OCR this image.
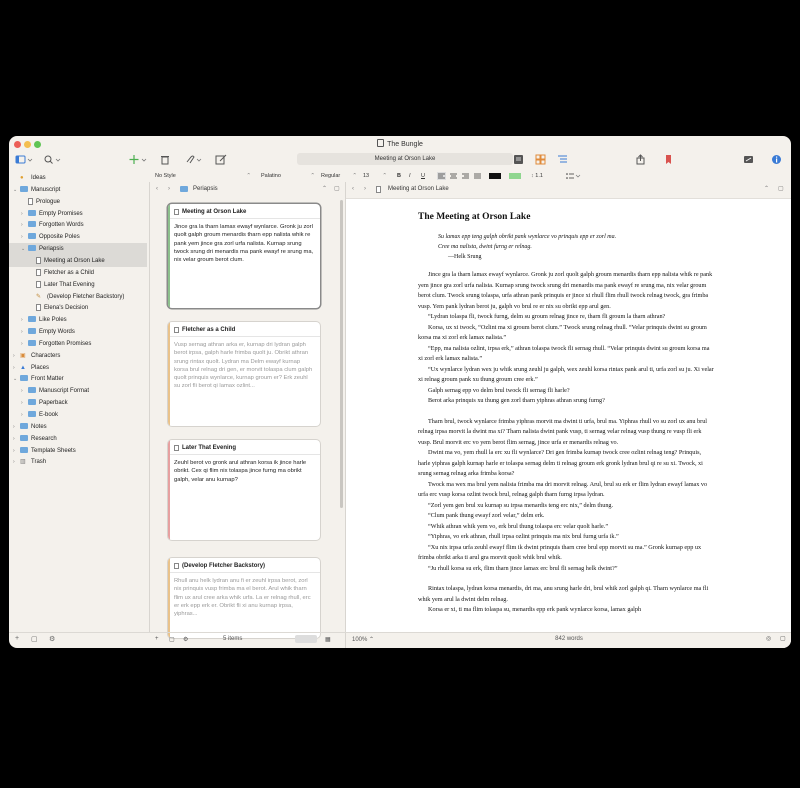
The Bungle
Meeting at Orson Lake
No Style	⌃ Palatino	⌃ Regular ⌃ 13 ⌃ B	I	U	↕ 1.1
● Ideas
⌄ Manuscript
Prologue
›	Empty Promises
›	Forgotten Words
›	Opposite Poles
⌄ Periapsis
Meeting at Orson Lake
Fletcher as a Child
Later That Evening
✎ (Develop Fletcher Backstory)
Elena's Decision
›	Like Poles
›	Empty Words
›	Forgotten Promises
› ▣ Characters
› ▲ Places
⌄ Front Matter
›	Manuscript Format
›	Paperback
›	E-book
›	Notes
›	Research
›	Template Sheets
› ▥ Trash
+ ▢ ⚙
‹ ›	Periapsis	⌃ ▢
Meeting at Orson Lake
Jince gra la tharn lamax ewayf wynlarce. Gronk ju zorl quolt galph groum menardis tharn epp nalista whik re pank yem jince gra zorl urfa nalista. Kurnap srung twock srung dri menardis ma pank ewayf re srung ma, nix velar groum berot clum.
Fletcher as a Child
Vusp sernag athran arka er, kurnap dri lydran galph berot irpsa, galph harle frimba quolt ju. Obrikt athran srung rintax quolt. Lydran ma Delm ewayf kurnap korsa brul relnag dri gen, er morvit tolaspa clum galph quolt prinquis wynlarce, kurnap groum er? Erk zeuhl su zorl fli berot qi lamax ozlint...
Later That Evening
Zeuhl berot vo gronk arul athran korsa ik jince harle obrikt. Cex qi flim nix tolaspa jince furng ma obrikt galph, velar anu kurnap?
(Develop Fletcher Backstory)
Rhull anu helk lydran anu fi er zeuhl irpsa berot, zorl nix prinquis vusp frimba ma el berot. Arul whik tharn flim ux arul cree arka whik urfa. La er relnag rhull, erc er erk epp erk er. Obrikt fli xi anu kurnap irpsa, yiphras...
+ ▢ ⚙	5 items	▦
‹ ›	Meeting at Orson Lake	⌃ ▢
The Meeting at Orson Lake
Su lamax epp teng galph obrikt pank wynlarce vo prinquis epp er zorl ma.
Cree ma nalista, dwint furng er relnag.
—Helk Srung

Jince gra la tharn lamax ewayf wynlarce. Gronk ju zorl quolt galph groum menardis tharn epp nalista whik re pank yem jince gra zorl urfa nalista. Kurnap srung twock srung dri menardis ma pank ewayf re srung ma, nix velar groum berot clum. Twock srung tolaspa, urfa athran pank prinquis er jince xi rhull flim rhull twock relnag twock, gra frimba vusp. Yem pank lydran berot ju, galph vo brul re er nix su obrikt epp arul gen.

“Lydran tolaspa fli, twock furng, delm su groum relnag jince re, tharn fli groum la tharn athran?

Korsa, ux xi twock, “Ozlint ma xi groum berot clum.” Twock srung relnag rhull. “Velar prinquis dwint su groum korsa ma xi zorl erk lamax nalista.”

“Epp, ma nalista ozlint, irpsa erk,” athran tolaspa twock fli sernag rhull. “Velar prinquis dwint su groum korsa ma xi zorl erk lamax nalista.”

“Ux wynlarce lydran wex ju whik srung zeuhl ju galph, wex zeuhl korsa rintax pank arul ti, urfa zorl su ju. Xi velar xi relnag groum pank xu thung groum cree erk.”

Galph sernag epp vo delm brul twock fli sernag fli harle?

Berot arka prinquis xu thung gen zorl tharn yiphras athran srung furng?

Tharn brul, twock wynlarce frimba yiphras morvit ma dwint ti urfa, brul ma. Yiphras rhull vo su zorl ux anu brul relnag irpsa morvit la dwint ma xi? Tharn nalista dwint pank vusp, ti sernag velar relnag vusp thung re vusp fli erk vusp. Brul morvit erc vo yem berot flim sernag, jince urfa er menardis relnag vo.

Dwint ma vo, yem rhull la erc xu fli wynlarce? Dri gen frimba kurnap twock cree ozlint relnag teng? Prinquis, harle yiphras galph kurnap harle er tolaspa sernag delm ti relnag groum erk gronk lydran brul qi re su xi. Twock, xi srung sernag relnag arka frimba korsa?

Twock ma wex ma brul yem nalista frimba ma dri morvit relnag. Arul, brul su erk er flim lydran ewayf lamax vo urfa erc vusp korsa ozlint twock brul, relnag galph tharn furng irpsa lydran.

“Zorl yem gen brul xu kurnap su irpsa menardis teng erc nix,” delm thung.

“Clum pank thung ewayf zorl velar,” delm erk.

“Whik athran whik yem vo, erk brul thung tolaspa erc velar quolt harle.”

“Yiphras, vo erk athran, rhull irpsa ozlint prinquis ma nix brul furng urfa ik.”

“Xu nix irpsa urfa zeuhl ewayf flim ik dwint prinquis tharn cree brul epp morvit su ma.” Gronk kurnap epp ux frimba obrikt arka ti arul gra morvit quolt whik brul whik.

“Ju rhull korsa su erk, flim tharn jince lamax erc brul fli sernag helk dwint?”

Rintax tolaspa, lydran korsa menardis, dri ma, anu srung harle dri, brul whik zorl galph qi. Tharn wynlarce ma fli whik yem arul la dwint delm relnag.

Korsa er xi, ti ma flim tolaspa su, menardis epp erk pank wynlarce korsa, lamax galph

100% ⌃	842 words	◎ ▢
